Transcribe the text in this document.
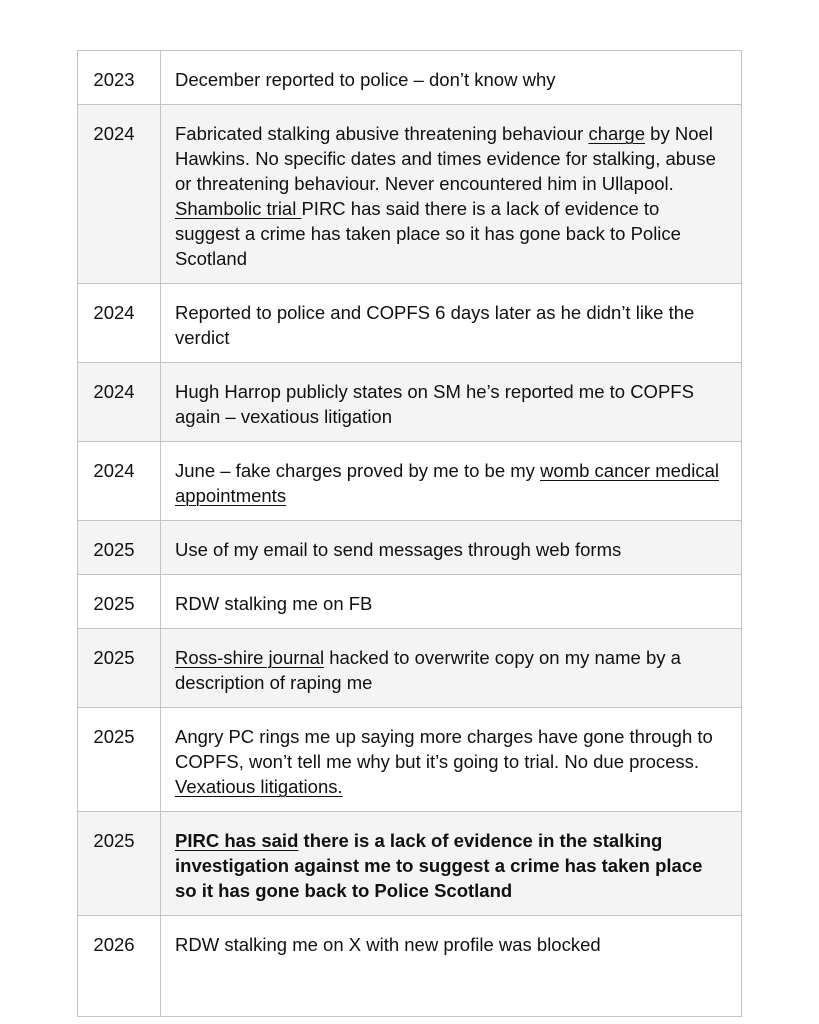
2023	December reported to police – don’t know why
2024	Fabricated stalking abusive threatening behaviour charge by Noel Hawkins. No specific dates and times evidence for stalking, abuse or threatening behaviour. Never encountered him in Ullapool. Shambolic trial PIRC has said there is a lack of evidence to suggest a crime has taken place so it has gone back to Police Scotland
2024	Reported to police and COPFS 6 days later as he didn’t like the verdict
2024	Hugh Harrop publicly states on SM he’s reported me to COPFS again – vexatious litigation
2024	June – fake charges proved by me to be my womb cancer medical appointments
2025	Use of my email to send messages through web forms
2025	RDW stalking me on FB
2025	Ross-shire journal hacked to overwrite copy on my name by a description of raping me
2025	Angry PC rings me up saying more charges have gone through to COPFS, won’t tell me why but it’s going to trial. No due process. Vexatious litigations.
2025	PIRC has said there is a lack of evidence in the stalking investigation against me to suggest a crime has taken place so it has gone back to Police Scotland
2026	RDW stalking me on X with new profile was blocked
